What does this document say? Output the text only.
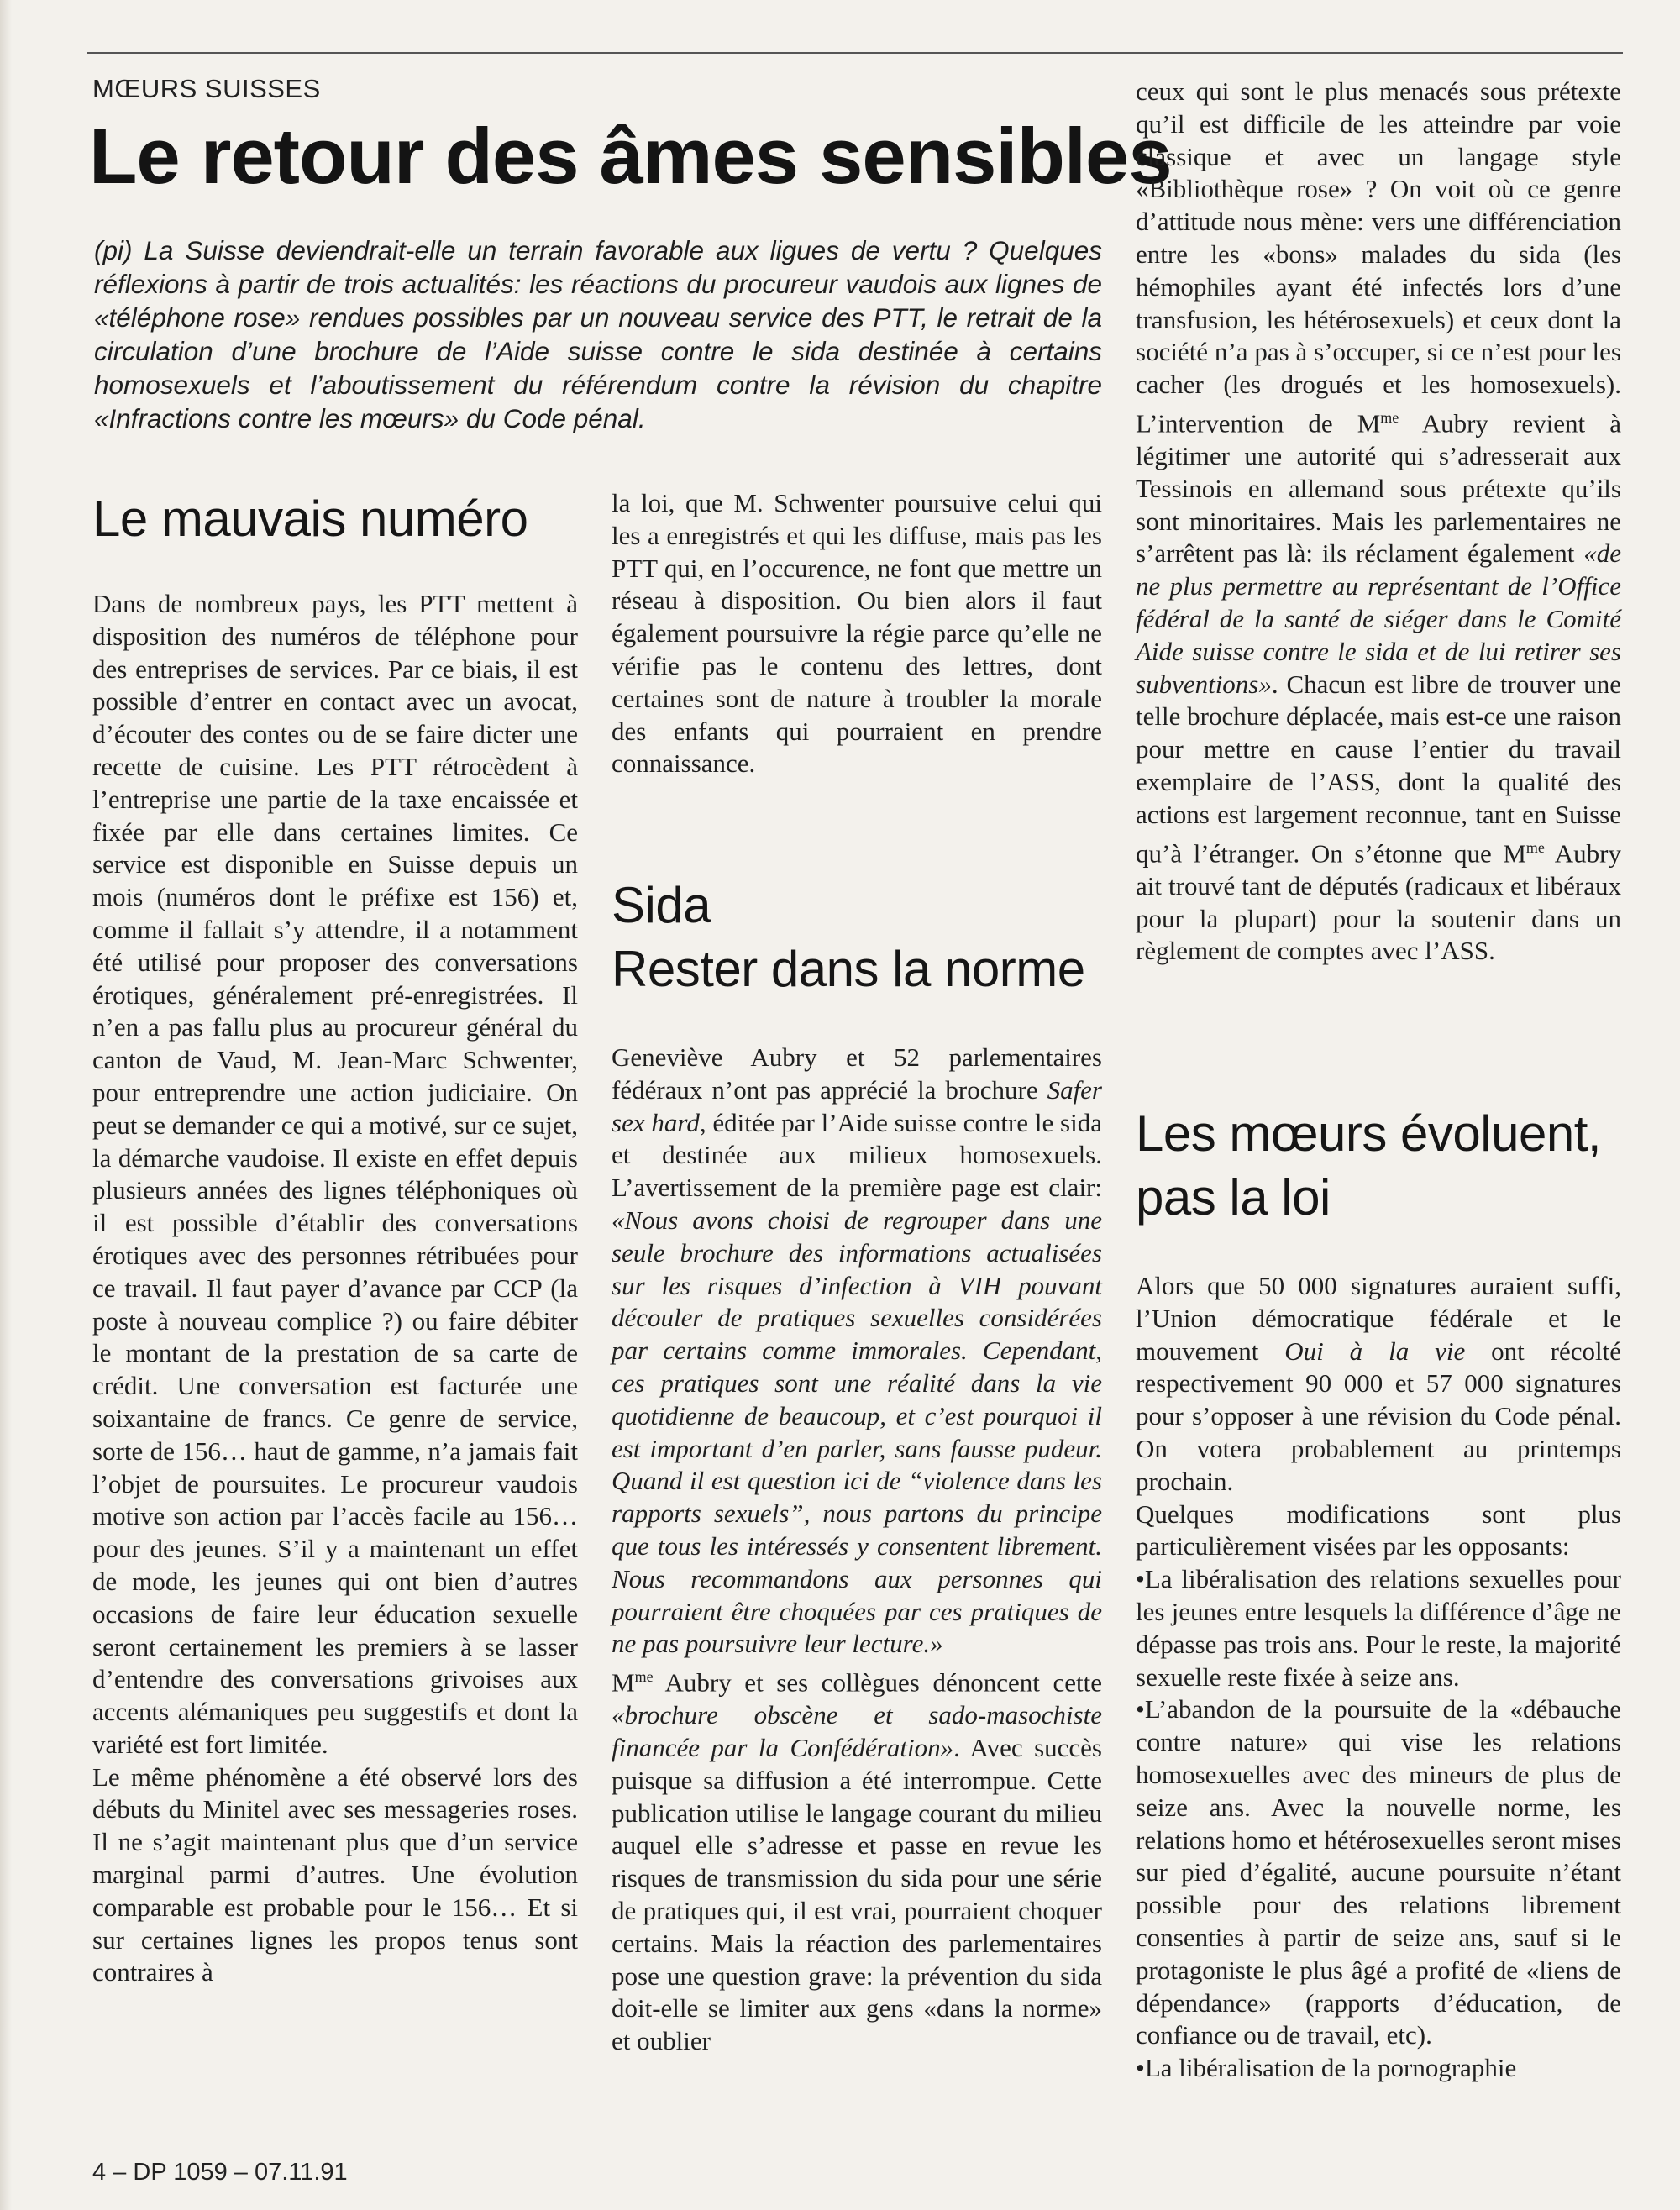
MŒURS SUISSES
Le retour des âmes sensibles
(pi) La Suisse deviendrait-elle un terrain favorable aux ligues de vertu ? Quelques réflexions à partir de trois actualités: les réactions du procureur vaudois aux lignes de «téléphone rose» rendues possibles par un nouveau service des PTT, le retrait de la circulation d’une brochure de l’Aide suisse contre le sida destinée à certains homosexuels et l’aboutissement du référendum contre la révision du chapitre «Infractions contre les mœurs» du Code pénal.
Le mauvais numéro

Dans de nombreux pays, les PTT mettent à disposition des numéros de téléphone pour des entreprises de services. Par ce biais, il est possible d’entrer en contact avec un avocat, d’écouter des contes ou de se faire dicter une recette de cuisine. Les PTT rétrocèdent à l’entreprise une partie de la taxe encaissée et fixée par elle dans certaines limites. Ce service est disponible en Suisse depuis un mois (numéros dont le préfixe est 156) et, comme il fallait s’y attendre, il a notamment été utilisé pour proposer des conversations érotiques, généralement pré-enregistrées. Il n’en a pas fallu plus au procureur général du canton de Vaud, M. Jean-Marc Schwenter, pour entreprendre une action judiciaire. On peut se demander ce qui a motivé, sur ce sujet, la démarche vaudoise. Il existe en effet depuis plusieurs années des lignes téléphoniques où il est possible d’établir des conversations érotiques avec des personnes rétribuées pour ce travail. Il faut payer d’avance par CCP (la poste à nouveau complice ?) ou faire débiter le montant de la prestation de sa carte de crédit. Une conversation est facturée une soixantaine de francs. Ce genre de service, sorte de 156… haut de gamme, n’a jamais fait l’objet de poursuites. Le procureur vaudois motive son action par l’accès facile au 156… pour des jeunes. S’il y a maintenant un effet de mode, les jeunes qui ont bien d’autres occasions de faire leur éducation sexuelle seront certainement les premiers à se lasser d’entendre des conversations grivoises aux accents alémaniques peu suggestifs et dont la variété est fort limitée.

Le même phénomène a été observé lors des débuts du Minitel avec ses messageries roses. Il ne s’agit maintenant plus que d’un service marginal parmi d’autres. Une évolution comparable est probable pour le 156… Et si sur certaines lignes les propos tenus sont contraires à

la loi, que M. Schwenter poursuive celui qui les a enregistrés et qui les diffuse, mais pas les PTT qui, en l’occurence, ne font que mettre un réseau à disposition. Ou bien alors il faut également poursuivre la régie parce qu’elle ne vérifie pas le contenu des lettres, dont certaines sont de nature à troubler la morale des enfants qui pourraient en prendre connaissance.

Sida
Rester dans la norme

Geneviève Aubry et 52 parlementaires fédéraux n’ont pas apprécié la brochure Safer sex hard, éditée par l’Aide suisse contre le sida et destinée aux milieux homosexuels. L’avertissement de la première page est clair: «Nous avons choisi de regrouper dans une seule brochure des informations actualisées sur les risques d’infection à VIH pouvant découler de pratiques sexuelles considérées par certains comme immorales. Cependant, ces pratiques sont une réalité dans la vie quotidienne de beaucoup, et c’est pourquoi il est important d’en parler, sans fausse pudeur. Quand il est question ici de “violence dans les rapports sexuels”, nous partons du principe que tous les intéressés y consentent librement. Nous recommandons aux personnes qui pourraient être choquées par ces pratiques de ne pas poursuivre leur lecture.»

$M^{me}$ Aubry et ses collègues dénoncent cette «brochure obscène et sado-masochiste financée par la Confédération». Avec succès puisque sa diffusion a été interrompue. Cette publication utilise le langage courant du milieu auquel elle s’adresse et passe en revue les risques de transmission du sida pour une série de pratiques qui, il est vrai, pourraient choquer certains. Mais la réaction des parlementaires pose une question grave: la prévention du sida doit-elle se limiter aux gens «dans la norme» et oublier

ceux qui sont le plus menacés sous prétexte qu’il est difficile de les atteindre par voie classique et avec un langage style «Bibliothèque rose» ? On voit où ce genre d’attitude nous mène: vers une différenciation entre les «bons» malades du sida (les hémophiles ayant été infectés lors d’une transfusion, les hétérosexuels) et ceux dont la société n’a pas à s’occuper, si ce n’est pour les cacher (les drogués et les homosexuels). L’intervention de $M^{me}$ Aubry revient à légitimer une autorité qui s’adresserait aux Tessinois en allemand sous prétexte qu’ils sont minoritaires. Mais les parlementaires ne s’arrêtent pas là: ils réclament également «de ne plus permettre au représentant de l’Office fédéral de la santé de siéger dans le Comité Aide suisse contre le sida et de lui retirer ses subventions». Chacun est libre de trouver une telle brochure déplacée, mais est-ce une raison pour mettre en cause l’entier du travail exemplaire de l’ASS, dont la qualité des actions est largement reconnue, tant en Suisse qu’à l’étranger. On s’étonne que $M^{me}$ Aubry ait trouvé tant de députés (radicaux et libéraux pour la plupart) pour la soutenir dans un règlement de comptes avec l’ASS.

Les mœurs évoluent,
pas la loi

Alors que 50 000 signatures auraient suffi, l’Union démocratique fédérale et le mouvement Oui à la vie ont récolté respectivement 90 000 et 57 000 signatures pour s’opposer à une révision du Code pénal. On votera probablement au printemps prochain.

Quelques modifications sont plus particulièrement visées par les opposants:

• La libéralisation des relations sexuelles pour les jeunes entre lesquels la différence d’âge ne dépasse pas trois ans. Pour le reste, la majorité sexuelle reste fixée à seize ans.

• L’abandon de la poursuite de la «débauche contre nature» qui vise les relations homosexuelles avec des mineurs de plus de seize ans. Avec la nouvelle norme, les relations homo et hétérosexuelles seront mises sur pied d’égalité, aucune poursuite n’étant possible pour des relations librement consenties à partir de seize ans, sauf si le protagoniste le plus âgé a profité de «liens de dépendance» (rapports d’éducation, de confiance ou de travail, etc).

• La libéralisation de la pornographie

4 – DP 1059 – 07.11.91
